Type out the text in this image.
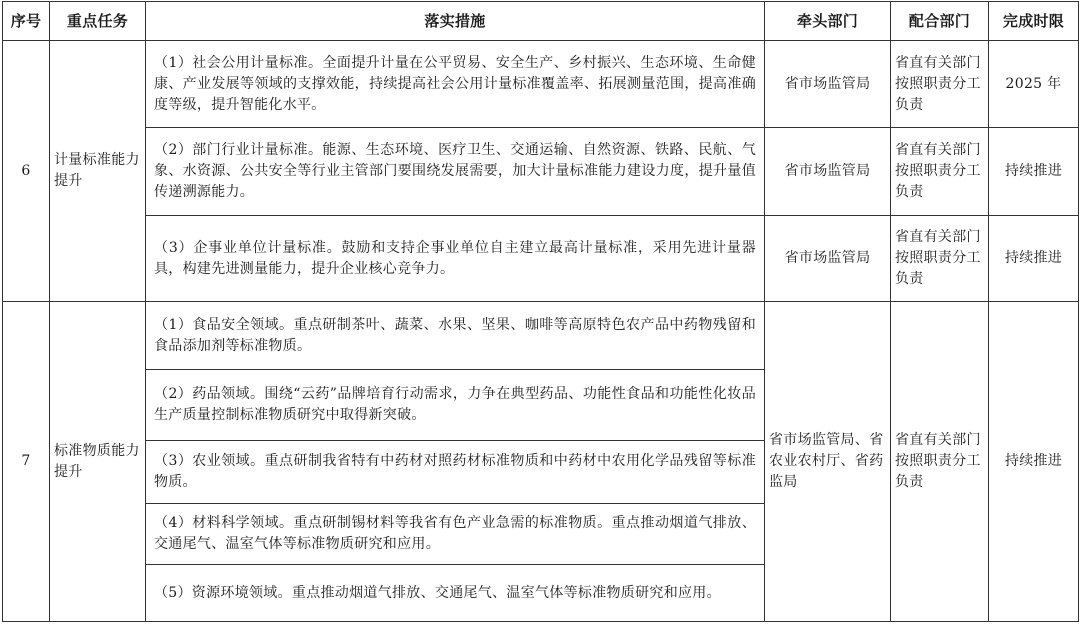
序号	重点任务	落实措施	牵头部门	配合部门	完成时限
6	计量标准能力提升	（1）社会公用计量标准。全面提升计量在公平贸易、安全生产、乡村振兴、生态环境、生命健康、产业发展等领域的支撑效能，持续提高社会公用计量标准覆盖率、拓展测量范围，提高准确度等级，提升智能化水平。	省市场监管局	省直有关部门按照职责分工负责	2025 年
		（2）部门行业计量标准。能源、生态环境、医疗卫生、交通运输、自然资源、铁路、民航、气象、水资源、公共安全等行业主管部门要围绕发展需要，加大计量标准能力建设力度，提升量值传递溯源能力。	省市场监管局	省直有关部门按照职责分工负责	持续推进
		（3）企事业单位计量标准。鼓励和支持企事业单位自主建立最高计量标准，采用先进计量器具，构建先进测量能力，提升企业核心竞争力。	省市场监管局	省直有关部门按照职责分工负责	持续推进
7	标准物质能力提升	（1）食品安全领域。重点研制茶叶、蔬菜、水果、坚果、咖啡等高原特色农产品中药物残留和食品添加剂等标准物质。	省市场监管局、省农业农村厅、省药监局	省直有关部门按照职责分工负责	持续推进
		（2）药品领域。围绕“云药”品牌培育行动需求，力争在典型药品、功能性食品和功能性化妆品生产质量控制标准物质研究中取得新突破。			
		（3）农业领域。重点研制我省特有中药材对照药材标准物质和中药材中农用化学品残留等标准物质。			
		（4）材料科学领域。重点研制锡材料等我省有色产业急需的标准物质。重点推动烟道气排放、交通尾气、温室气体等标准物质研究和应用。			
		（5）资源环境领域。重点推动烟道气排放、交通尾气、温室气体等标准物质研究和应用。			
